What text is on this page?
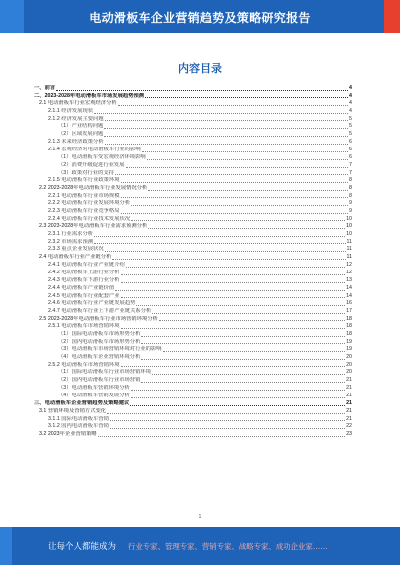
电动滑板车企业营销趋势及策略研究报告
内容目录
一、前言	4
二、2023-2028年电动滑板车市场发展趋势预测	4
2.1 电动滑板车行业宏观经济分析	4
2.1.1 经济发展现状	4
2.1.2 经济发展主要问题	5
（1）产业结构问题	5
（2）区域发展问题	5
2.1.3 未来经济政策分析	6
2.1.4 宏观经济对电动滑板车行业的影响	6
（1）电动滑板车受宏观经济环境影响	6
（2）消费升级促进行业发展	7
（3）政策对行业的支持	7
2.1.5 电动滑板车行业政策环境	8
2.2 2023-2028年电动滑板车行业发展情况分析	8
2.2.1 电动滑板车行业市场规模	8
2.2.2 电动滑板车行业发展环境分析	9
2.2.3 电动滑板车行业竞争格局	9
2.2.4 电动滑板车行业技术发展状况	10
2.3 2023-2028年电动滑板车行业需求预测分析	10
2.3.1 行业需求分析	10
2.3.2 市场需求预测	11
2.3.3 重点企业发展状况	11
2.4 电动滑板车行业产业链分析	11
2.4.1 电动滑板车行业产业链介绍	12
2.4.2 电动滑板车上游行业分析	12
2.4.3 电动滑板车下游行业分析	13
2.4.4 电动滑板车产业链价值	14
2.4.5 电动滑板车行业配套产业	14
2.4.6 电动滑板车行业产业链发展趋势	16
2.4.7 电动滑板车行业上下游产业链关系分析	17
2.5 2023-2028年电动滑板车行业市场营销环境分析	18
2.5.1 电动滑板车市场营销环境	18
（1）国际电动滑板车市场形势分析	18
（2）国内电动滑板车市场形势分析	19
（3）电动滑板车市场营销环境对行业的影响	19
（4）电动滑板车企业营销环境分析	20
2.5.2 电动滑板车市场营销环境	20
（1）国际电动滑板车行业市场营销环境	20
（2）国内电动滑板车行业市场营销	21
（3）电动滑板车营销环境分析	21
（4）电动滑板车营销发展分析	21
三、电动滑板车企业营销趋势及策略建议	21
3.1 营销环境及营销方式变化	21
3.1.1 国际电动滑板车营销	21
3.1.2 国内电动滑板车营销	22
3.2 2023年企业营销策略	23
1
让每个人都能成为 行业专家、管理专家、营销专家、战略专家、成功企业家……
